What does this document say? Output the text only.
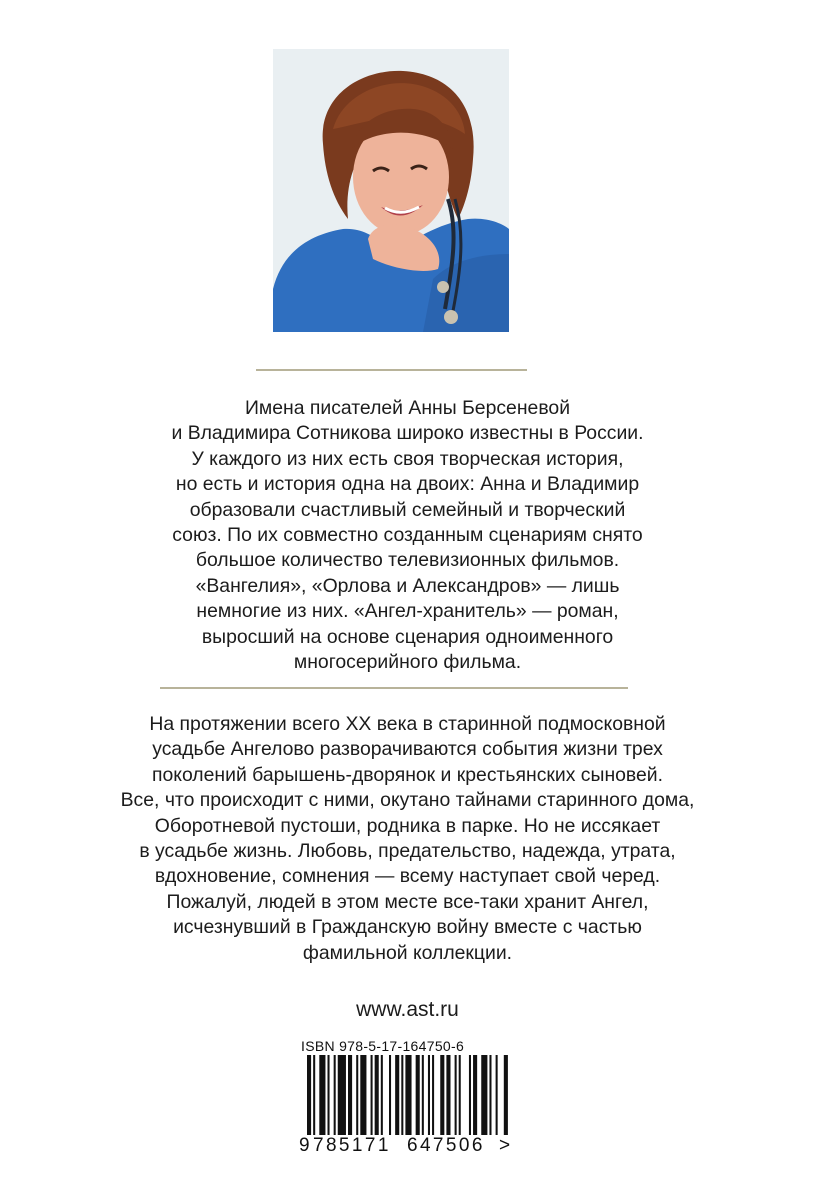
Имена писателей Анны Берсеневой
и Владимира Сотникова широко известны в России.
У каждого из них есть своя творческая история,
но есть и история одна на двоих: Анна и Владимир
образовали счастливый семейный и творческий
союз. По их совместно созданным сценариям снято
большое количество телевизионных фильмов.
«Вангелия», «Орлова и Александров» — лишь
немногие из них. «Ангел-хранитель» — роман,
выросший на основе сценария одноименного
многосерийного фильма.
На протяжении всего XX века в старинной подмосковной
усадьбе Ангелово разворачиваются события жизни трех
поколений барышень-дворянок и крестьянских сыновей.
Все, что происходит с ними, окутано тайнами старинного дома,
Оборотневой пустоши, родника в парке. Но не иссякает
в усадьбе жизнь. Любовь, предательство, надежда, утрата,
вдохновение, сомнения — всему наступает свой черед.
Пожалуй, людей в этом месте все-таки хранит Ангел,
исчезнувший в Гражданскую войну вместе с частью
фамильной коллекции.
www.ast.ru
ISBN 978-5-17-164750-6
9 785171 647506 >
